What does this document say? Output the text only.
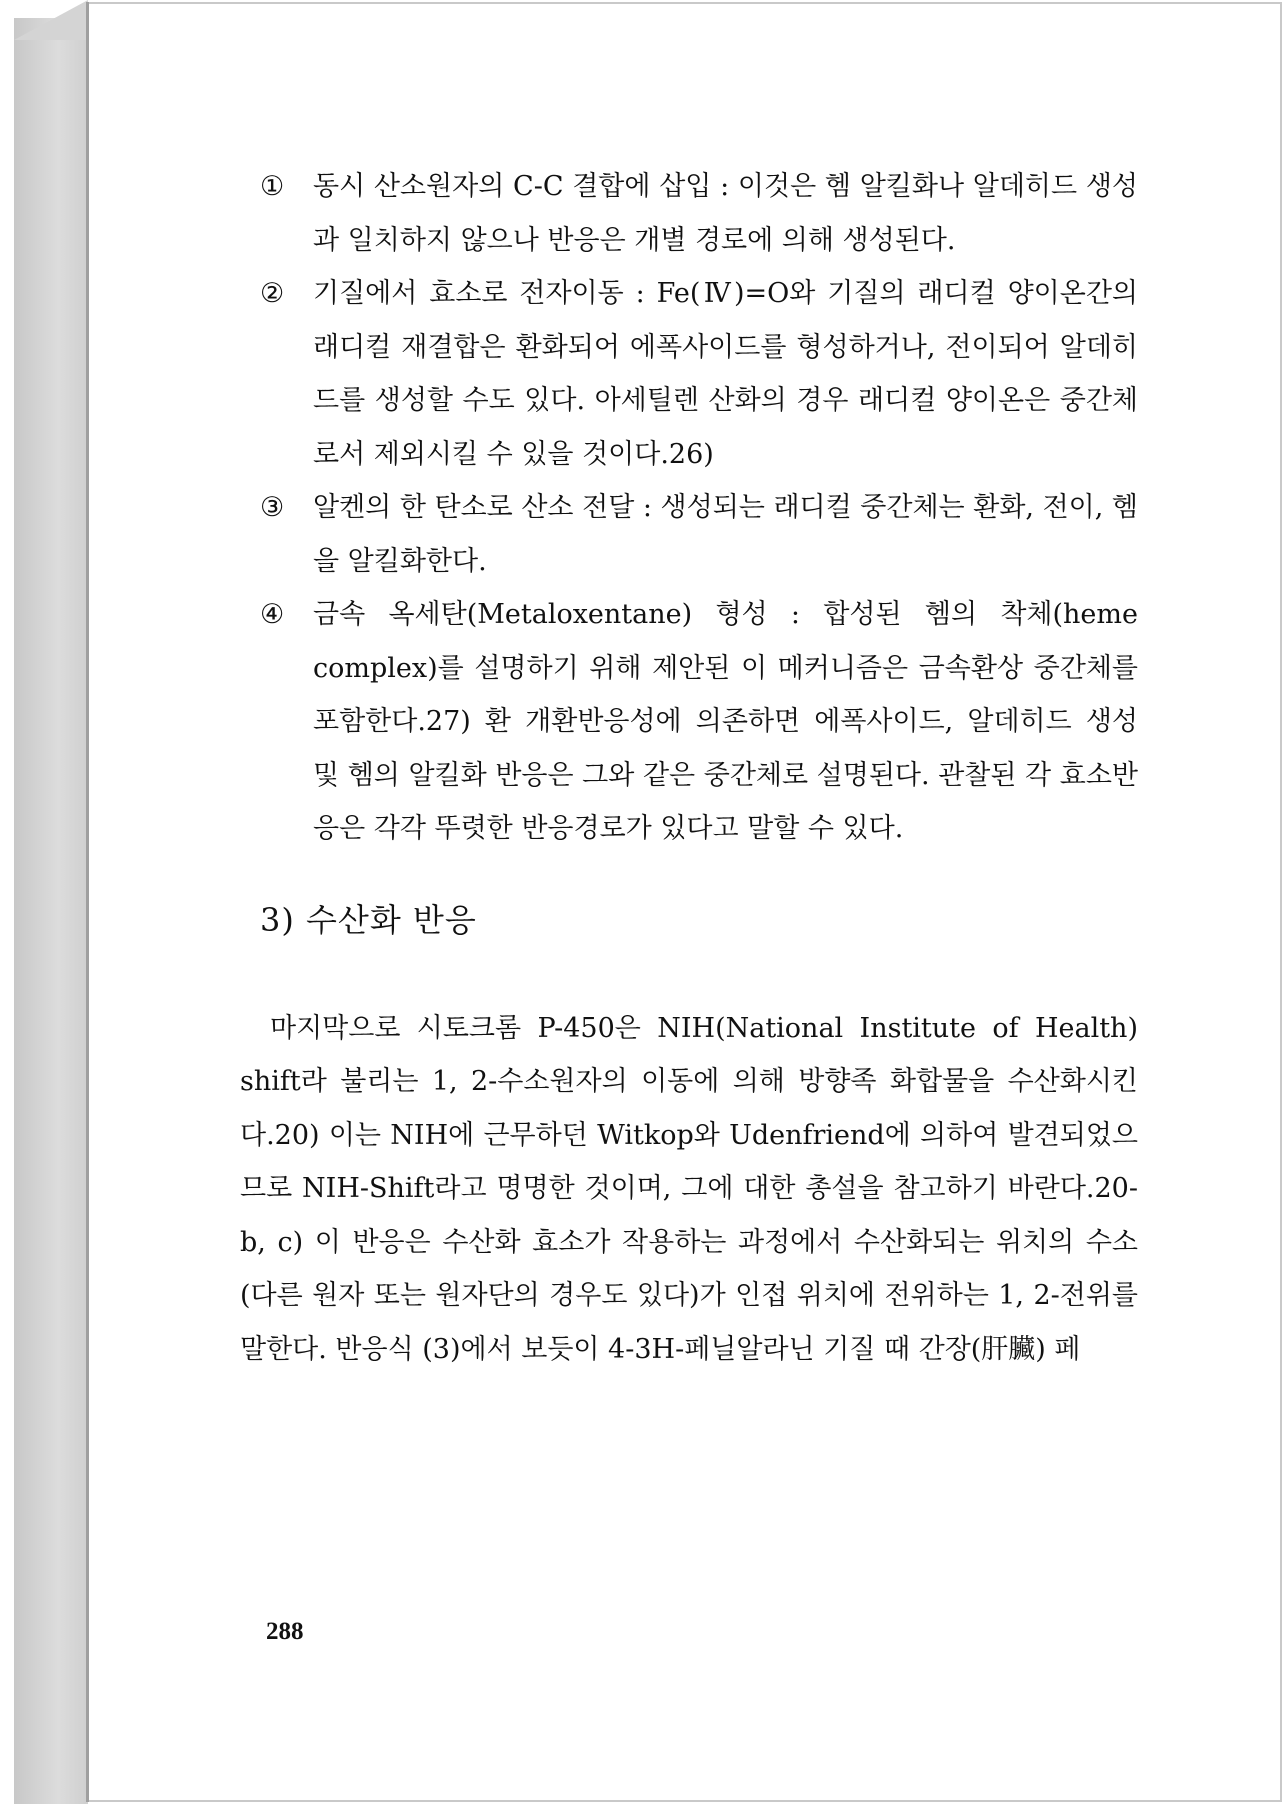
①	동시 산소원자의 C-C 결합에 삽입 : 이것은 헴 알킬화나 알데히드 생성과 일치하지 않으나 반응은 개별 경로에 의해 생성된다.
②	기질에서 효소로 전자이동 : Fe(Ⅳ)=O와 기질의 래디컬 양이온간의 래디컬 재결합은 환화되어 에폭사이드를 형성하거나, 전이되어 알데히드를 생성할 수도 있다. 아세틸렌 산화의 경우 래디컬 양이온은 중간체로서 제외시킬 수 있을 것이다.26)
③	알켄의 한 탄소로 산소 전달 : 생성되는 래디컬 중간체는 환화, 전이, 헴을 알킬화한다.
④	금속 옥세탄(Metaloxentane) 형성 : 합성된 헴의 착체(heme complex)를 설명하기 위해 제안된 이 메커니즘은 금속환상 중간체를 포함한다.27) 환 개환반응성에 의존하면 에폭사이드, 알데히드 생성 및 헴의 알킬화 반응은 그와 같은 중간체로 설명된다. 관찰된 각 효소반응은 각각 뚜렷한 반응경로가 있다고 말할 수 있다.
3) 수산화 반응
마지막으로 시토크롬 P-450은 NIH(National Institute of Health) shift라 불리는 1, 2-수소원자의 이동에 의해 방향족 화합물을 수산화시킨다.20) 이는 NIH에 근무하던 Witkop와 Udenfriend에 의하여 발견되었으므로 NIH-Shift라고 명명한 것이며, 그에 대한 총설을 참고하기 바란다.20-b, c) 이 반응은 수산화 효소가 작용하는 과정에서 수산화되는 위치의 수소(다른 원자 또는 원자단의 경우도 있다)가 인접 위치에 전위하는 1, 2-전위를 말한다. 반응식 (3)에서 보듯이 4-3H-페닐알라닌 기질 때 간장(肝臟) 페
288
